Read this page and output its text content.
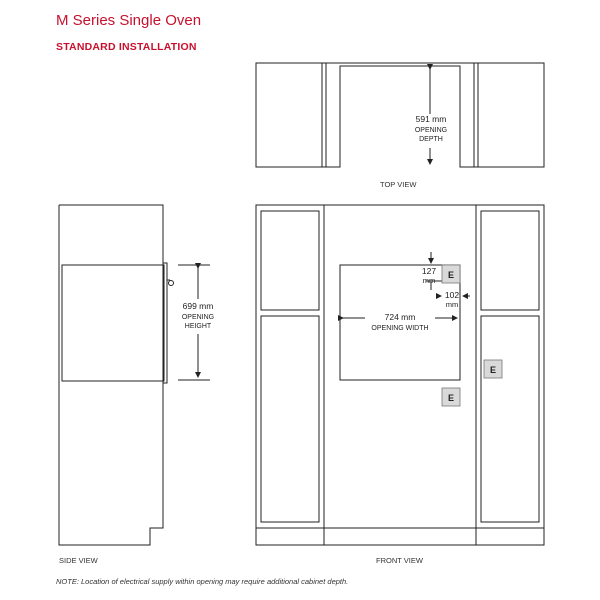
M Series Single Oven
STANDARD INSTALLATION
591 mm
OPENING
DEPTH
699 mm
OPENING
HEIGHT
724 mm
OPENING WIDTH
127
mm
102
mm
E
E
E
TOP VIEW
SIDE VIEW	FRONT VIEW
NOTE: Location of electrical supply within opening may require additional cabinet depth.
